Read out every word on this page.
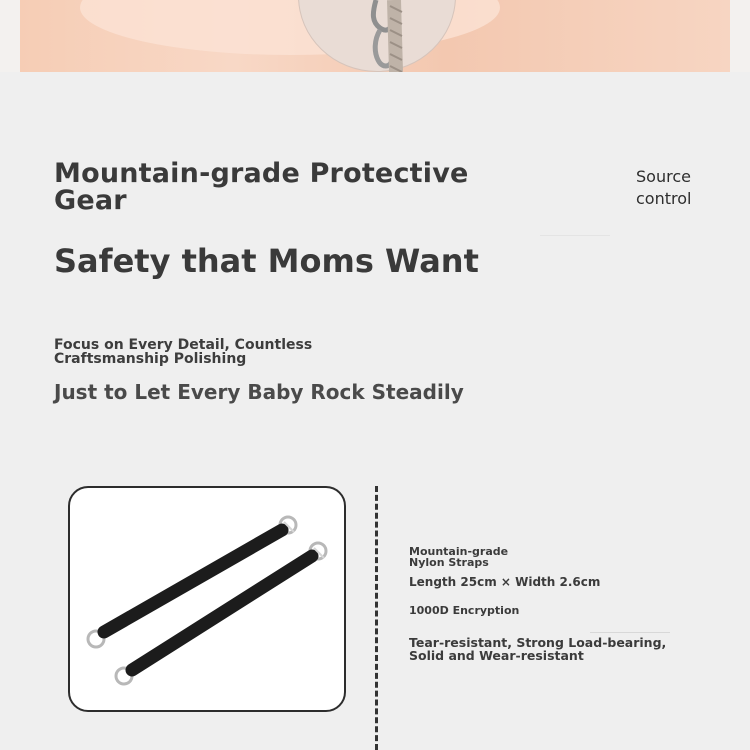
Source
control
Mountain-grade Protective
Gear
Safety that Moms Want
Focus on Every Detail, Countless
Craftsmanship Polishing
Just to Let Every Baby Rock Steadily
Mountain-grade
Nylon Straps
Length 25cm × Width 2.6cm
1000D Encryption
Tear-resistant, Strong Load-bearing,
Solid and Wear-resistant
